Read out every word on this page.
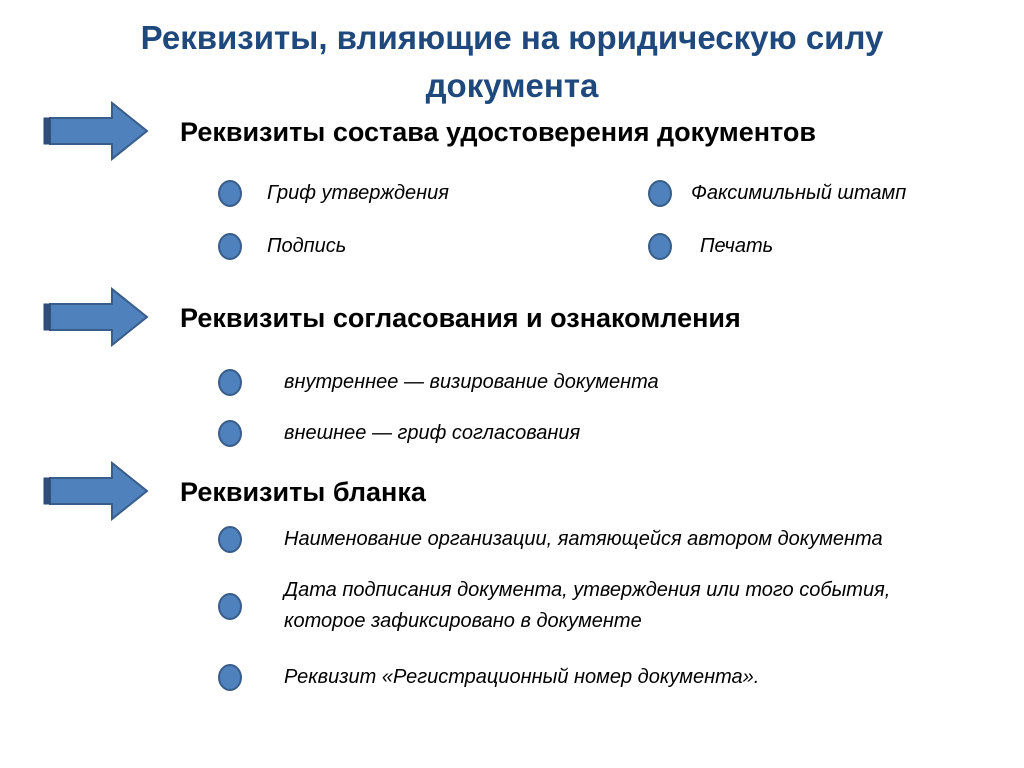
Реквизиты, влияющие на юридическую силу документа
Реквизиты состава удостоверения документов
Гриф утверждения
Подпись
Факсимильный штамп
Печать
Реквизиты согласования и ознакомления
внутреннее — визирование документа
внешнее — гриф согласования
Реквизиты бланка
Наименование организации, яатяющейся автором документа
Дата подписания документа, утверждения или того события, которое зафиксировано в документе
Реквизит «Регистрационный номер документа».
